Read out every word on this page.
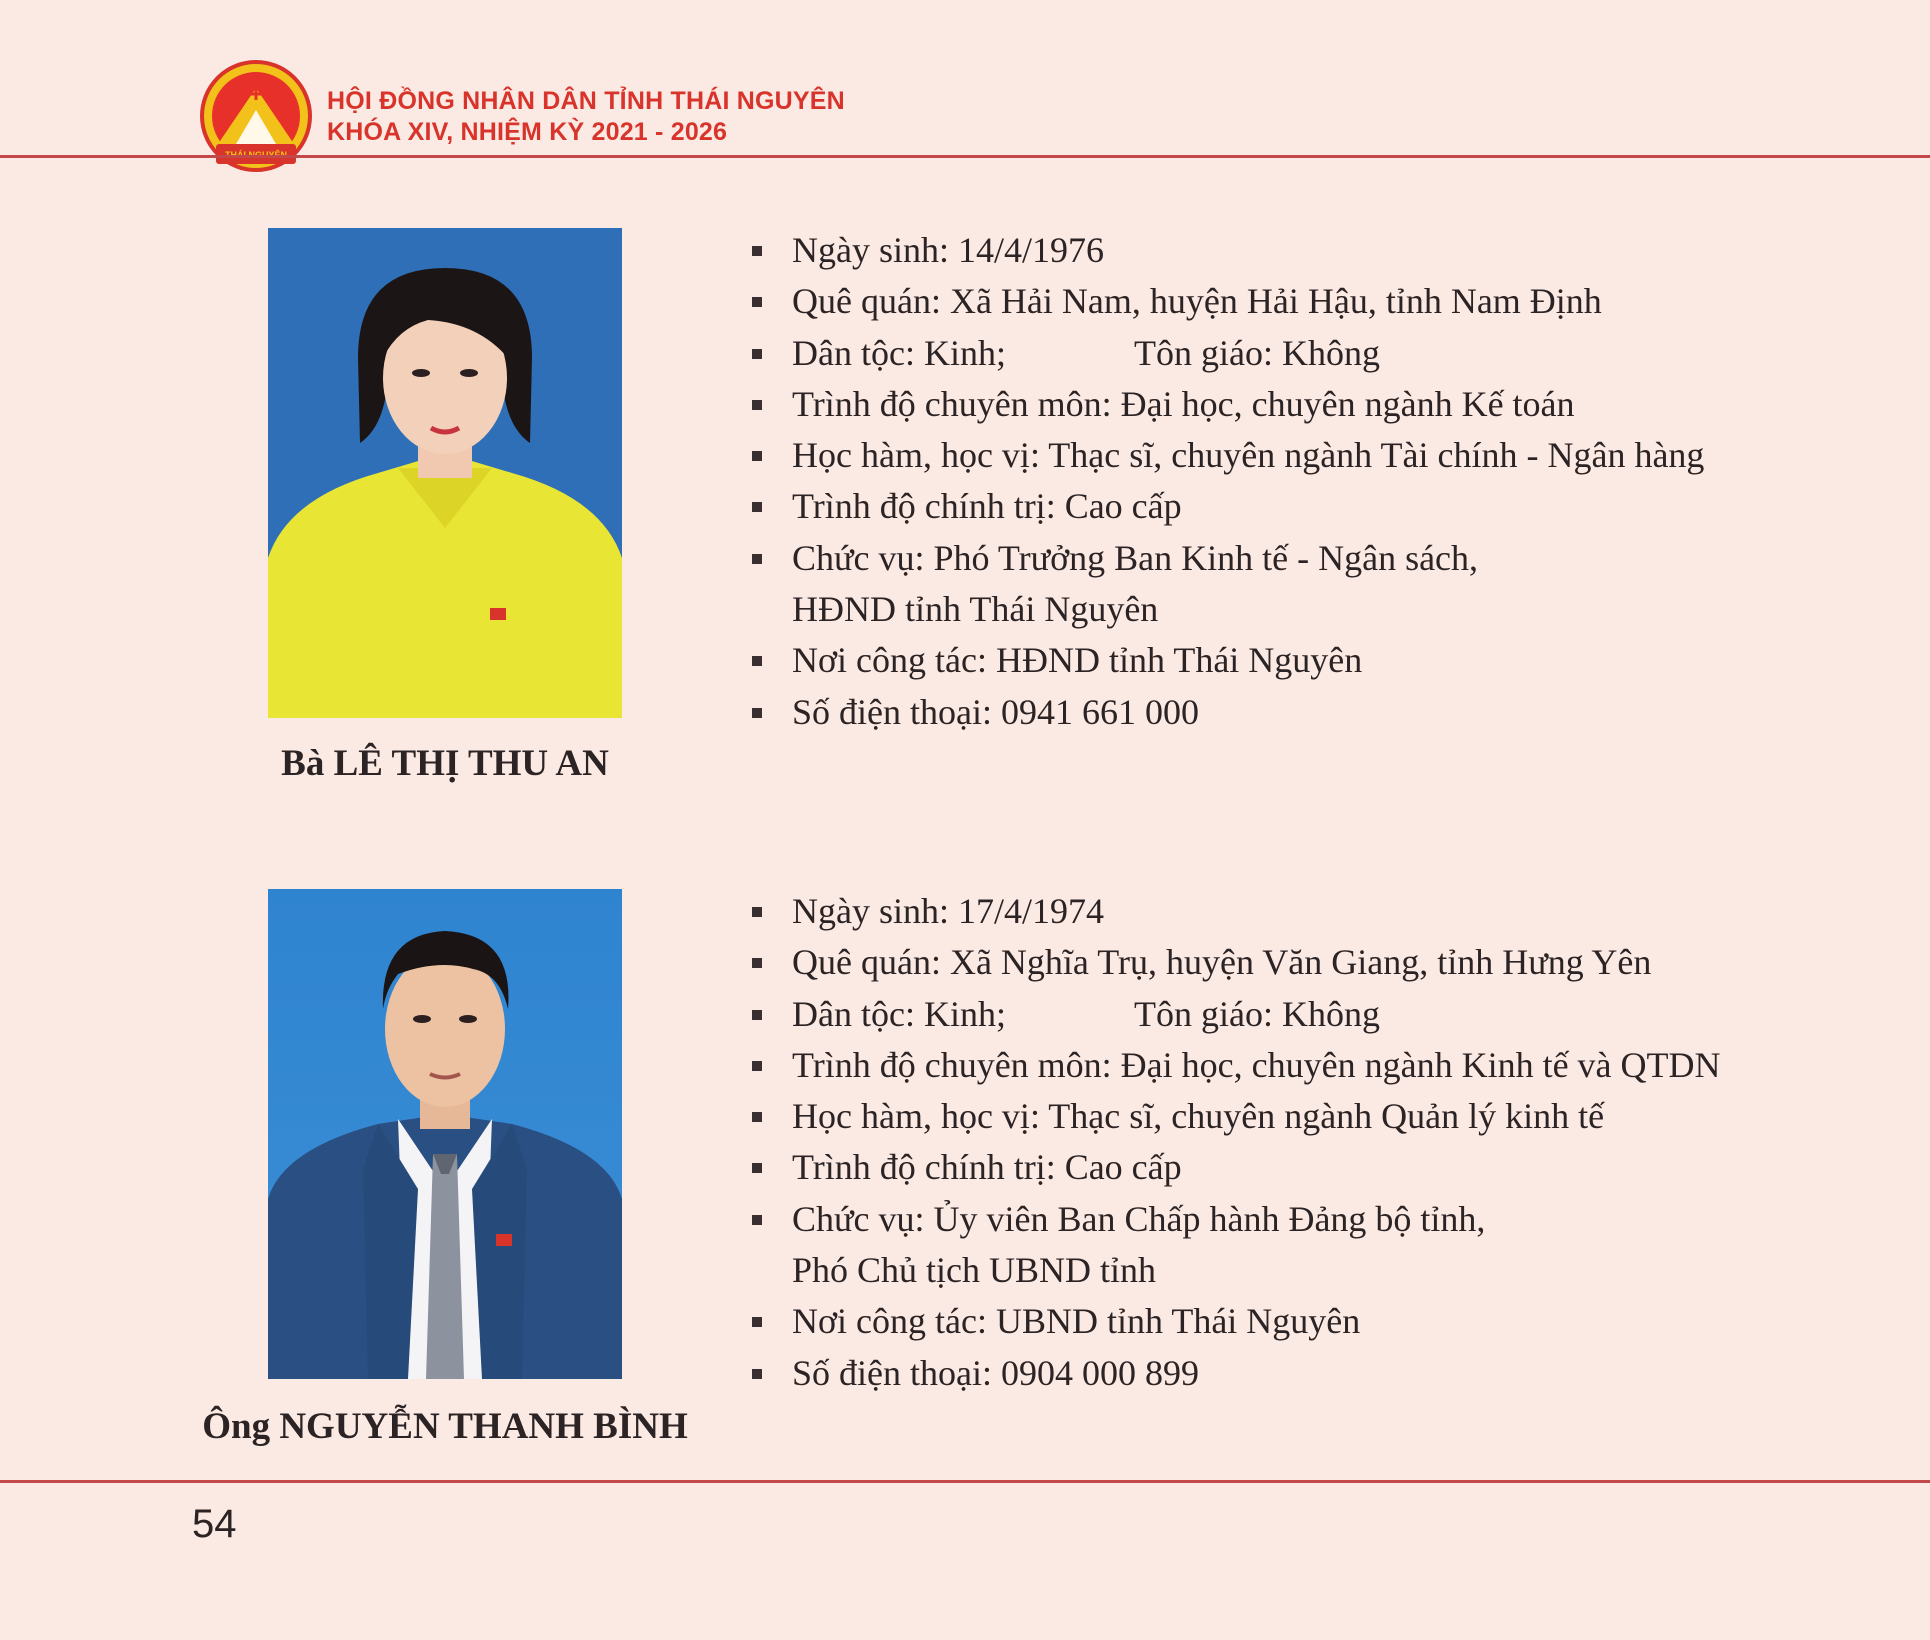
HỘI ĐỒNG NHÂN DÂN TỈNH THÁI NGUYÊN
KHÓA XIV, NHIỆM KỲ 2021 - 2026
Bà LÊ THỊ THU AN
Ngày sinh: 14/4/1976
Quê quán: Xã Hải Nam, huyện Hải Hậu, tỉnh Nam Định
Dân tộc: Kinh;	Tôn giáo: Không
Trình độ chuyên môn: Đại học, chuyên ngành Kế toán
Học hàm, học vị: Thạc sĩ, chuyên ngành Tài chính - Ngân hàng
Trình độ chính trị: Cao cấp
Chức vụ: Phó Trưởng Ban Kinh tế - Ngân sách,
HĐND tỉnh Thái Nguyên
Nơi công tác: HĐND tỉnh Thái Nguyên
Số điện thoại: 0941 661 000
Ông NGUYỄN THANH BÌNH
Ngày sinh: 17/4/1974
Quê quán: Xã Nghĩa Trụ, huyện Văn Giang, tỉnh Hưng Yên
Dân tộc: Kinh;	Tôn giáo: Không
Trình độ chuyên môn: Đại học, chuyên ngành Kinh tế và QTDN
Học hàm, học vị: Thạc sĩ, chuyên ngành Quản lý kinh tế
Trình độ chính trị: Cao cấp
Chức vụ: Ủy viên Ban Chấp hành Đảng bộ tỉnh,
Phó Chủ tịch UBND tỉnh
Nơi công tác: UBND tỉnh Thái Nguyên
Số điện thoại: 0904 000 899
54
